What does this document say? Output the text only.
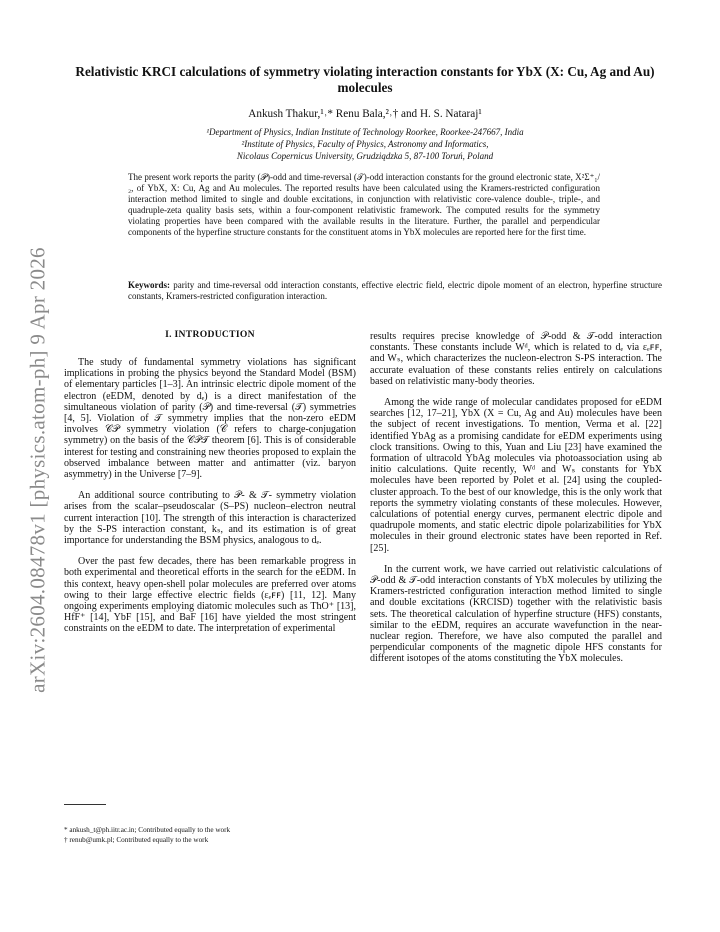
arXiv:2604.08478v1 [physics.atom-ph] 9 Apr 2026
Relativistic KRCI calculations of symmetry violating interaction constants for YbX (X: Cu, Ag and Au) molecules
Ankush Thakur,¹˒* Renu Bala,²˒† and H. S. Nataraj¹
¹Department of Physics, Indian Institute of Technology Roorkee, Roorkee-247667, India
²Institute of Physics, Faculty of Physics, Astronomy and Informatics,
Nicolaus Copernicus University, Grudziądzka 5, 87-100 Toruń, Poland

The present work reports the parity (𝒫)-odd and time-reversal (𝒯)-odd interaction constants for the ground electronic state, X²Σ⁺₁/₂, of YbX, X: Cu, Ag and Au molecules. The reported results have been calculated using the Kramers-restricted configuration interaction method limited to single and double excitations, in conjunction with relativistic core-valence double-, triple-, and quadruple-zeta quality basis sets, within a four-component relativistic framework. The computed results for the symmetry violating properties have been compared with the available results in the literature. Further, the parallel and perpendicular components of the hyperfine structure constants for the constituent atoms in YbX molecules are reported here for the first time.

Keywords: parity and time-reversal odd interaction constants, effective electric field, electric dipole moment of an electron, hyperfine structure constants, Kramers-restricted configuration interaction.

I. INTRODUCTION

The study of fundamental symmetry violations has significant implications in probing the physics beyond the Standard Model (BSM) of elementary particles [1–3]. An intrinsic electric dipole moment of the electron (eEDM, denoted by dₑ) is a direct manifestation of the simultaneous violation of parity (𝒫) and time-reversal (𝒯) symmetries [4, 5]. Violation of 𝒯 symmetry implies that the non-zero eEDM involves 𝒞𝒫 symmetry violation (𝒞 refers to charge-conjugation symmetry) on the basis of the 𝒞𝒫𝒯 theorem [6]. This is of considerable interest for testing and constraining new theories proposed to explain the observed imbalance between matter and antimatter (viz. baryon asymmetry) in the Universe [7–9].

An additional source contributing to 𝒫- & 𝒯- symmetry violation arises from the scalar–pseudoscalar (S–PS) nucleon–electron neutral current interaction [10]. The strength of this interaction is characterized by the S-PS interaction constant, kₛ, and its estimation is of great importance for understanding the BSM physics, analogous to dₑ.

Over the past few decades, there has been remarkable progress in both experimental and theoretical efforts in the search for the eEDM. In this context, heavy open-shell polar molecules are preferred over atoms owing to their large effective electric fields (εₑꜰꜰ) [11, 12]. Many ongoing experiments employing diatomic molecules such as ThO⁺ [13], HfF⁺ [14], YbF [15], and BaF [16] have yielded the most stringent constraints on the eEDM to date. The interpretation of experimental

results requires precise knowledge of 𝒫-odd & 𝒯-odd interaction constants. These constants include Wᵈ, which is related to dₑ via εₑꜰꜰ, and Wₛ, which characterizes the nucleon-electron S-PS interaction. The accurate evaluation of these constants relies entirely on calculations based on relativistic many-body theories.

Among the wide range of molecular candidates proposed for eEDM searches [12, 17–21], YbX (X = Cu, Ag and Au) molecules have been the subject of recent investigations. To mention, Verma et al. [22] identified YbAg as a promising candidate for eEDM experiments using clock transitions. Owing to this, Yuan and Liu [23] have examined the formation of ultracold YbAg molecules via photoassociation using ab initio calculations. Quite recently, Wᵈ and Wₛ constants for YbX molecules have been reported by Polet et al. [24] using the coupled-cluster approach. To the best of our knowledge, this is the only work that reports the symmetry violating constants of these molecules. However, calculations of potential energy curves, permanent electric dipole and quadrupole moments, and static electric dipole polarizabilities for YbX molecules in their ground electronic states have been reported in Ref. [25].

In the current work, we have carried out relativistic calculations of 𝒫-odd & 𝒯-odd interaction constants of YbX molecules by utilizing the Kramers-restricted configuration interaction method limited to single and double excitations (KRCISD) together with the relativistic basis sets. The theoretical calculation of hyperfine structure (HFS) constants, similar to the eEDM, requires an accurate wavefunction in the near-nuclear region. Therefore, we have also computed the parallel and perpendicular components of the magnetic dipole HFS constants for different isotopes of the atoms constituting the YbX molecules.

* ankush_t@ph.iitr.ac.in; Contributed equally to the work
† renub@umk.pl; Contributed equally to the work
